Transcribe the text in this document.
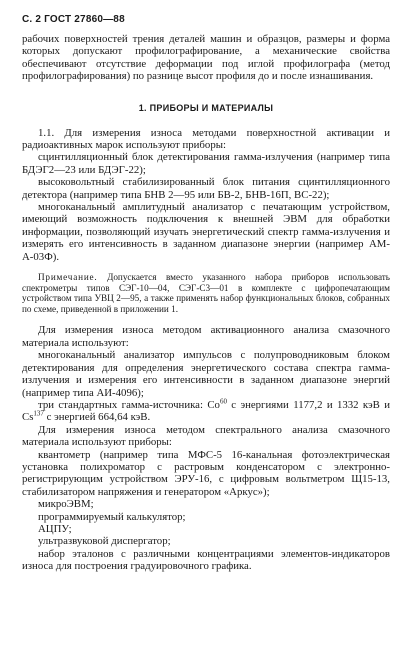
С. 2 ГОСТ 27860—88

рабочих поверхностей трения деталей машин и образцов, размеры и форма которых допускают профилографирование, а механические свойства обеспечивают отсутствие деформации под иглой профилографа (метод профилографирования) по разнице высот профиля до и после изнашивания.

1. ПРИБОРЫ И МАТЕРИАЛЫ

1.1. Для измерения износа методами поверхностной активации и радиоактивных марок используют приборы:

сцинтилляционный блок детектирования гамма-излучения (например типа БДЭГ2—23 или БДЭГ-22);

высоковольтный стабилизированный блок питания сцинтилляционного детектора (например типа БНВ 2—95 или БВ-2, БНВ-16П, ВС-22);

многоканальный амплитудный анализатор с печатающим устройством, имеющий возможность подключения к внешней ЭВМ для обработки информации, позволяющий изучать энергетический спектр гамма-излучения и измерять его интенсивность в заданном диапазоне энергии (например АМ-А-03Ф).

Примечание. Допускается вместо указанного набора приборов использовать спектрометры типов СЭГ-10—04, СЭГ-С3—01 в комплекте с цифропечатающим устройством типа УВЦ 2—95, а также применять набор функциональных блоков, собранных по схеме, приведенной в приложении 1.

Для измерения износа методом активационного анализа смазочного материала используют:

многоканальный анализатор импульсов с полупроводниковым блоком детектирования для определения энергетического состава спектра гамма-излучения и измерения его интенсивности в заданном диапазоне энергий (например типа АИ-4096);

три стандартных гамма-источника: Co$^{60}$ с энергиями 1177,2 и 1332 кэВ и Cs$^{137}$ с энергией 664,64 кэВ.

Для измерения износа методом спектрального анализа смазочного материала используют приборы:

квантометр (например типа МФС-5 16-канальная фотоэлектрическая установка полихроматор с растровым конденсатором с электронно-регистрирующим устройством ЭРУ-16, с цифровым вольтметром Щ15-13, стабилизатором напряжения и генератором «Аркус»);

микроЭВМ;

программируемый калькулятор;

АЦПУ;

ультразвуковой диспергатор;

набор эталонов с различными концентрациями элементов-индикаторов износа для построения градуировочного графика.
